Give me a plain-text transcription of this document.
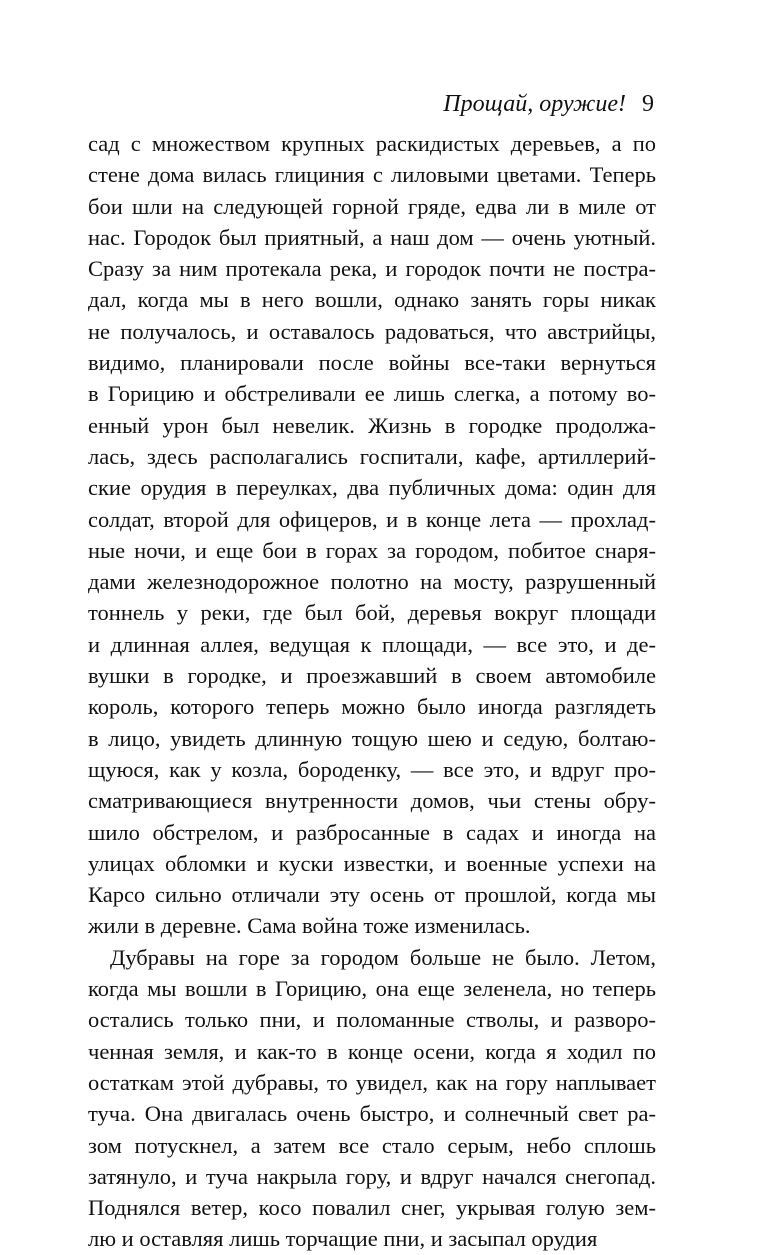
Прощай, оружие! 9
сад с множеством крупных раскидистых деревьев, а по
стене дома вилась глициния с лиловыми цветами. Теперь
бои шли на следующей горной гряде, едва ли в миле от
нас. Городок был приятный, а наш дом — очень уютный.
Сразу за ним протекала река, и городок почти не постра-
дал, когда мы в него вошли, однако занять горы никак
не получалось, и оставалось радоваться, что австрийцы,
видимо, планировали после войны все-таки вернуться
в Горицию и обстреливали ее лишь слегка, а потому во-
енный урон был невелик. Жизнь в городке продолжа-
лась, здесь располагались госпитали, кафе, артиллерий-
ские орудия в переулках, два публичных дома: один для
солдат, второй для офицеров, и в конце лета — прохлад-
ные ночи, и еще бои в горах за городом, побитое снаря-
дами железнодорожное полотно на мосту, разрушенный
тоннель у реки, где был бой, деревья вокруг площади
и длинная аллея, ведущая к площади, — все это, и де-
вушки в городке, и проезжавший в своем автомобиле
король, которого теперь можно было иногда разглядеть
в лицо, увидеть длинную тощую шею и седую, болтаю-
щуюся, как у козла, бороденку, — все это, и вдруг про-
сматривающиеся внутренности домов, чьи стены обру-
шило обстрелом, и разбросанные в садах и иногда на
улицах обломки и куски известки, и военные успехи на
Карсо сильно отличали эту осень от прошлой, когда мы
жили в деревне. Сама война тоже изменилась.
Дубравы на горе за городом больше не было. Летом,
когда мы вошли в Горицию, она еще зеленела, но теперь
остались только пни, и поломанные стволы, и разворо-
ченная земля, и как-то в конце осени, когда я ходил по
остаткам этой дубравы, то увидел, как на гору наплывает
туча. Она двигалась очень быстро, и солнечный свет ра-
зом потускнел, а затем все стало серым, небо сплошь
затянуло, и туча накрыла гору, и вдруг начался снегопад.
Поднялся ветер, косо повалил снег, укрывая голую зем-
лю и оставляя лишь торчащие пни, и засыпал орудия
